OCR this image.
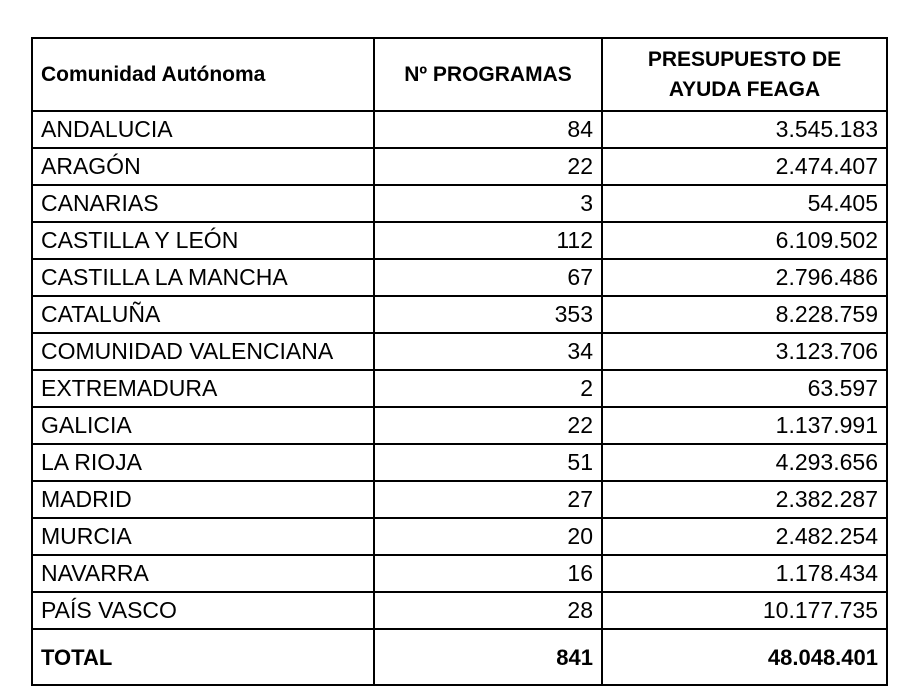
Comunidad Autónoma	Nº PROGRAMAS	PRESUPUESTO DE
AYUDA FEAGA
ANDALUCIA	84	3.545.183
ARAGÓN	22	2.474.407
CANARIAS	3	54.405
CASTILLA Y LEÓN	112	6.109.502
CASTILLA LA MANCHA	67	2.796.486
CATALUÑA	353	8.228.759
COMUNIDAD VALENCIANA	34	3.123.706
EXTREMADURA	2	63.597
GALICIA	22	1.137.991
LA RIOJA	51	4.293.656
MADRID	27	2.382.287
MURCIA	20	2.482.254
NAVARRA	16	1.178.434
PAÍS VASCO	28	10.177.735
TOTAL	841	48.048.401
